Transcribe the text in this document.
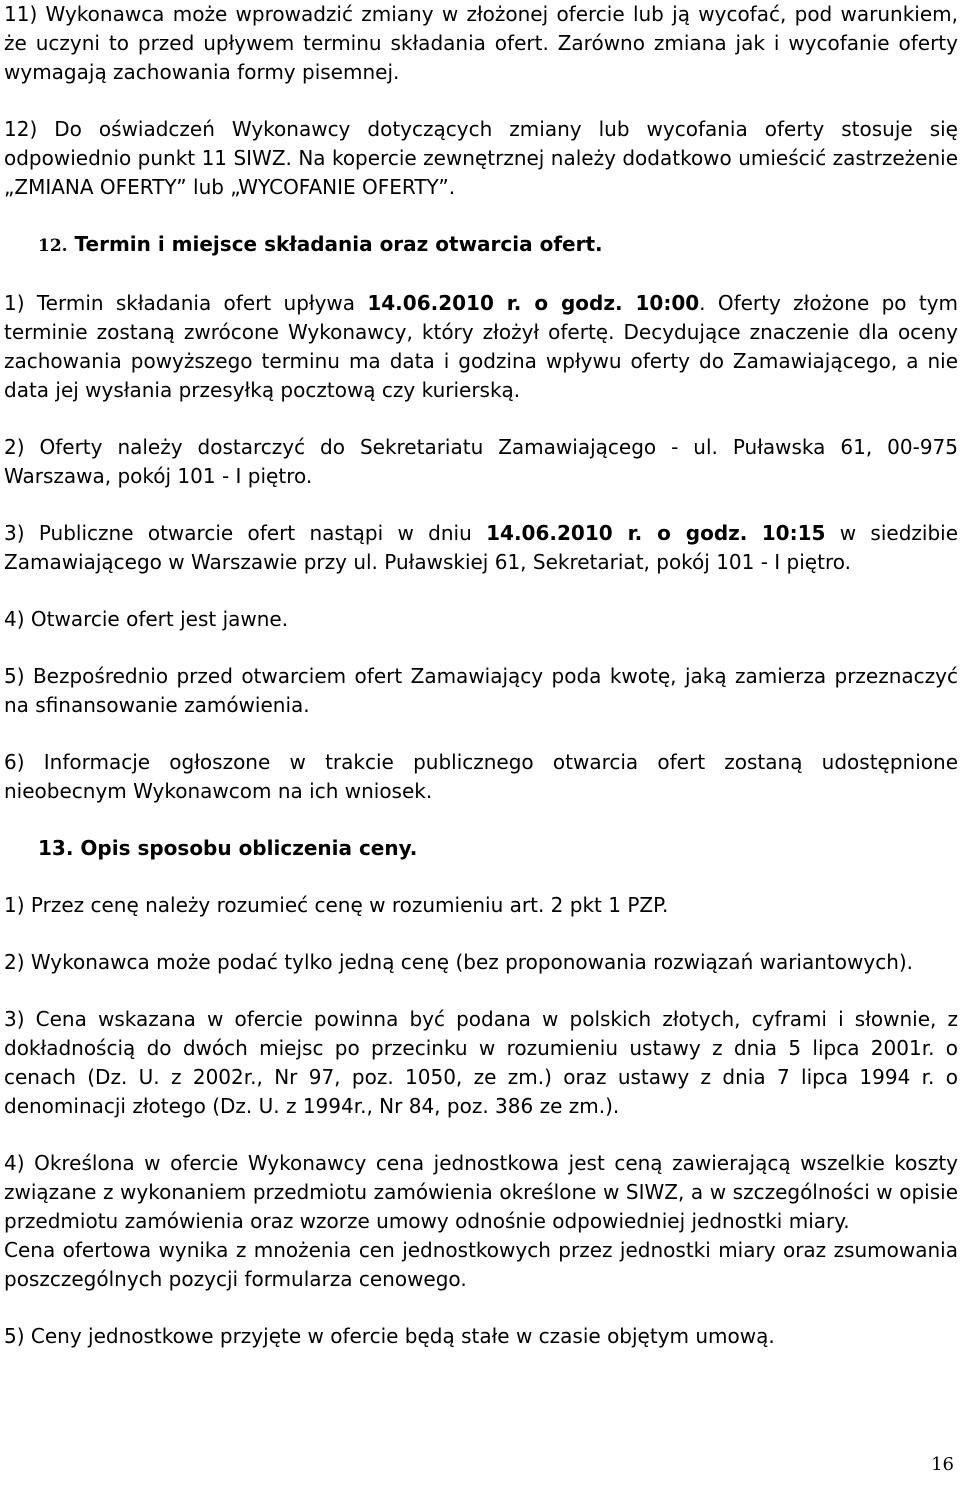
11) Wykonawca może wprowadzić zmiany w złożonej ofercie lub ją wycofać, pod warunkiem, że uczyni to przed upływem terminu składania ofert. Zarówno zmiana jak i wycofanie oferty wymagają zachowania formy pisemnej.

12) Do oświadczeń Wykonawcy dotyczących zmiany lub wycofania oferty stosuje się odpowiednio punkt 11 SIWZ. Na kopercie zewnętrznej należy dodatkowo umieścić zastrzeżenie „ZMIANA OFERTY” lub „WYCOFANIE OFERTY”.

12. Termin i miejsce składania oraz otwarcia ofert.

1) Termin składania ofert upływa 14.06.2010 r. o godz. 10:00. Oferty złożone po tym terminie zostaną zwrócone Wykonawcy, który złożył ofertę. Decydujące znaczenie dla oceny zachowania powyższego terminu ma data i godzina wpływu oferty do Zamawiającego, a nie data jej wysłania przesyłką pocztową czy kurierską.

2) Oferty należy dostarczyć do Sekretariatu Zamawiającego - ul. Puławska 61, 00-975 Warszawa, pokój 101 - I piętro.

3) Publiczne otwarcie ofert nastąpi w dniu 14.06.2010 r. o godz. 10:15 w siedzibie Zamawiającego w Warszawie przy ul. Puławskiej 61, Sekretariat, pokój 101 - I piętro.

4) Otwarcie ofert jest jawne.

5) Bezpośrednio przed otwarciem ofert Zamawiający poda kwotę, jaką zamierza przeznaczyć na sfinansowanie zamówienia.

6) Informacje ogłoszone w trakcie publicznego otwarcia ofert zostaną udostępnione nieobecnym Wykonawcom na ich wniosek.

13. Opis sposobu obliczenia ceny.

1) Przez cenę należy rozumieć cenę w rozumieniu art. 2 pkt 1 PZP.

2) Wykonawca może podać tylko jedną cenę (bez proponowania rozwiązań wariantowych).

3) Cena wskazana w ofercie powinna być podana w polskich złotych, cyframi i słownie, z dokładnością do dwóch miejsc po przecinku w rozumieniu ustawy z dnia 5 lipca 2001r. o cenach (Dz. U. z 2002r., Nr 97, poz. 1050, ze zm.) oraz ustawy z dnia 7 lipca 1994 r. o denominacji złotego (Dz. U. z 1994r., Nr 84, poz. 386 ze zm.).

4) Określona w ofercie Wykonawcy cena jednostkowa jest ceną zawierającą wszelkie koszty związane z wykonaniem przedmiotu zamówienia określone w SIWZ, a w szczególności w opisie przedmiotu zamówienia oraz wzorze umowy odnośnie odpowiedniej jednostki miary.

Cena ofertowa wynika z mnożenia cen jednostkowych przez jednostki miary oraz zsumowania poszczególnych pozycji formularza cenowego.

5) Ceny jednostkowe przyjęte w ofercie będą stałe w czasie objętym umową.

16
